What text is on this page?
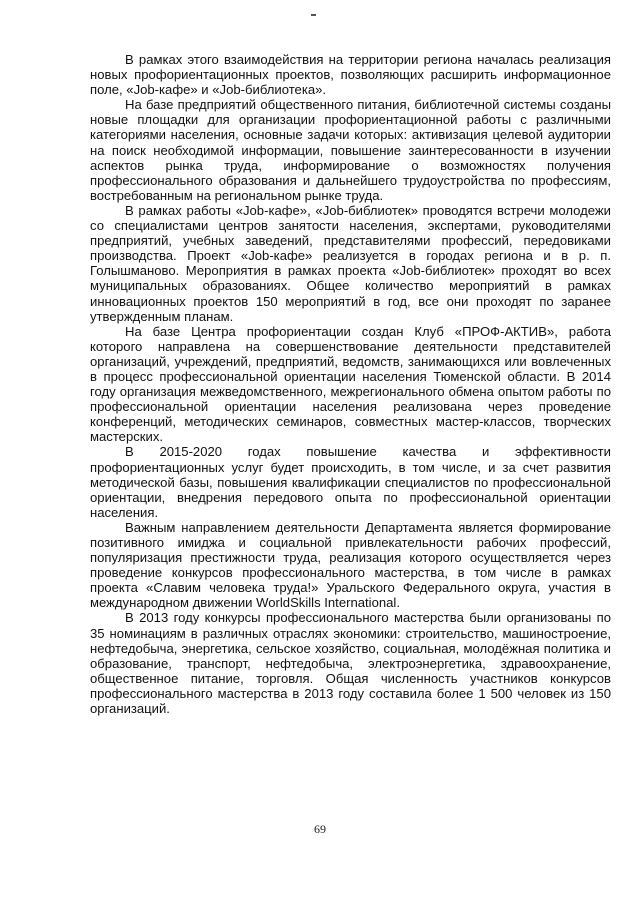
В рамках этого взаимодействия на территории региона началась реализация новых профориентационных проектов, позволяющих расширить информационное поле, «Job-кафе» и «Job-библиотека».

На базе предприятий общественного питания, библиотечной системы созданы новые площадки для организации профориентационной работы с различными категориями населения, основные задачи которых: активизация целевой аудитории на поиск необходимой информации, повышение заинтересованности в изучении аспектов рынка труда, информирование о возможностях получения профессионального образования и дальнейшего трудоустройства по профессиям, востребованным на региональном рынке труда.

В рамках работы «Job-кафе», «Job-библиотек» проводятся встречи молодежи со специалистами центров занятости населения, экспертами, руководителями предприятий, учебных заведений, представителями профессий, передовиками производства. Проект «Job-кафе» реализуется в городах региона и в р. п. Голышманово. Мероприятия в рамках проекта «Job-библиотек» проходят во всех муниципальных образованиях. Общее количество мероприятий в рамках инновационных проектов 150 мероприятий в год, все они проходят по заранее утвержденным планам.

На базе Центра профориентации создан Клуб «ПРОФ-АКТИВ», работа которого направлена на совершенствование деятельности представителей организаций, учреждений, предприятий, ведомств, занимающихся или вовлеченных в процесс профессиональной ориентации населения Тюменской области. В 2014 году организация межведомственного, межрегионального обмена опытом работы по профессиональной ориентации населения реализована через проведение конференций, методических семинаров, совместных мастер-классов, творческих мастерских.

В 2015-2020 годах повышение качества и эффективности профориентационных услуг будет происходить, в том числе, и за счет развития методической базы, повышения квалификации специалистов по профессиональной ориентации, внедрения передового опыта по профессиональной ориентации населения.

Важным направлением деятельности Департамента является формирование позитивного имиджа и социальной привлекательности рабочих профессий, популяризация престижности труда, реализация которого осуществляется через проведение конкурсов профессионального мастерства, в том числе в рамках проекта «Славим человека труда!» Уральского Федерального округа, участия в международном движении WorldSkills International.

В 2013 году конкурсы профессионального мастерства были организованы по 35 номинациям в различных отраслях экономики: строительство, машиностроение, нефтедобыча, энергетика, сельское хозяйство, социальная, молодёжная политика и образование, транспорт, нефтедобыча, электроэнергетика, здравоохранение, общественное питание, торговля. Общая численность участников конкурсов профессионального мастерства в 2013 году составила более 1 500 человек из 150 организаций.

69
